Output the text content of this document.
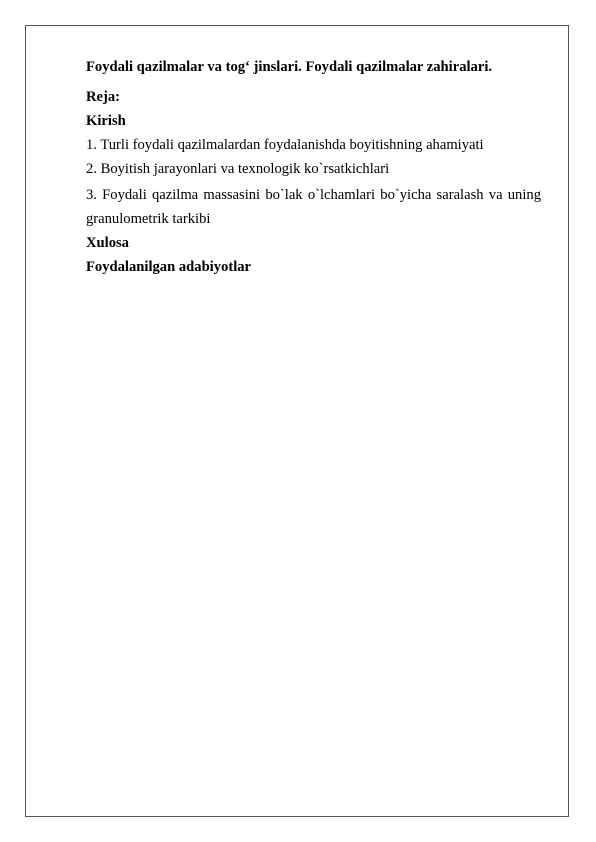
Foydali qazilmalar va tog‘ jinslari. Foydali qazilmalar zahiralari.
Reja:
Kirish
1. Turli foydali qazilmalardan foydalanishda boyitishning ahamiyati
2. Boyitish jarayonlari va texnologik ko`rsatkichlari
3. Foydali qazilma massasini bo`lak o`lchamlari bo`yicha saralash va uning granulometrik tarkibi
Xulosa
Foydalanilgan adabiyotlar
